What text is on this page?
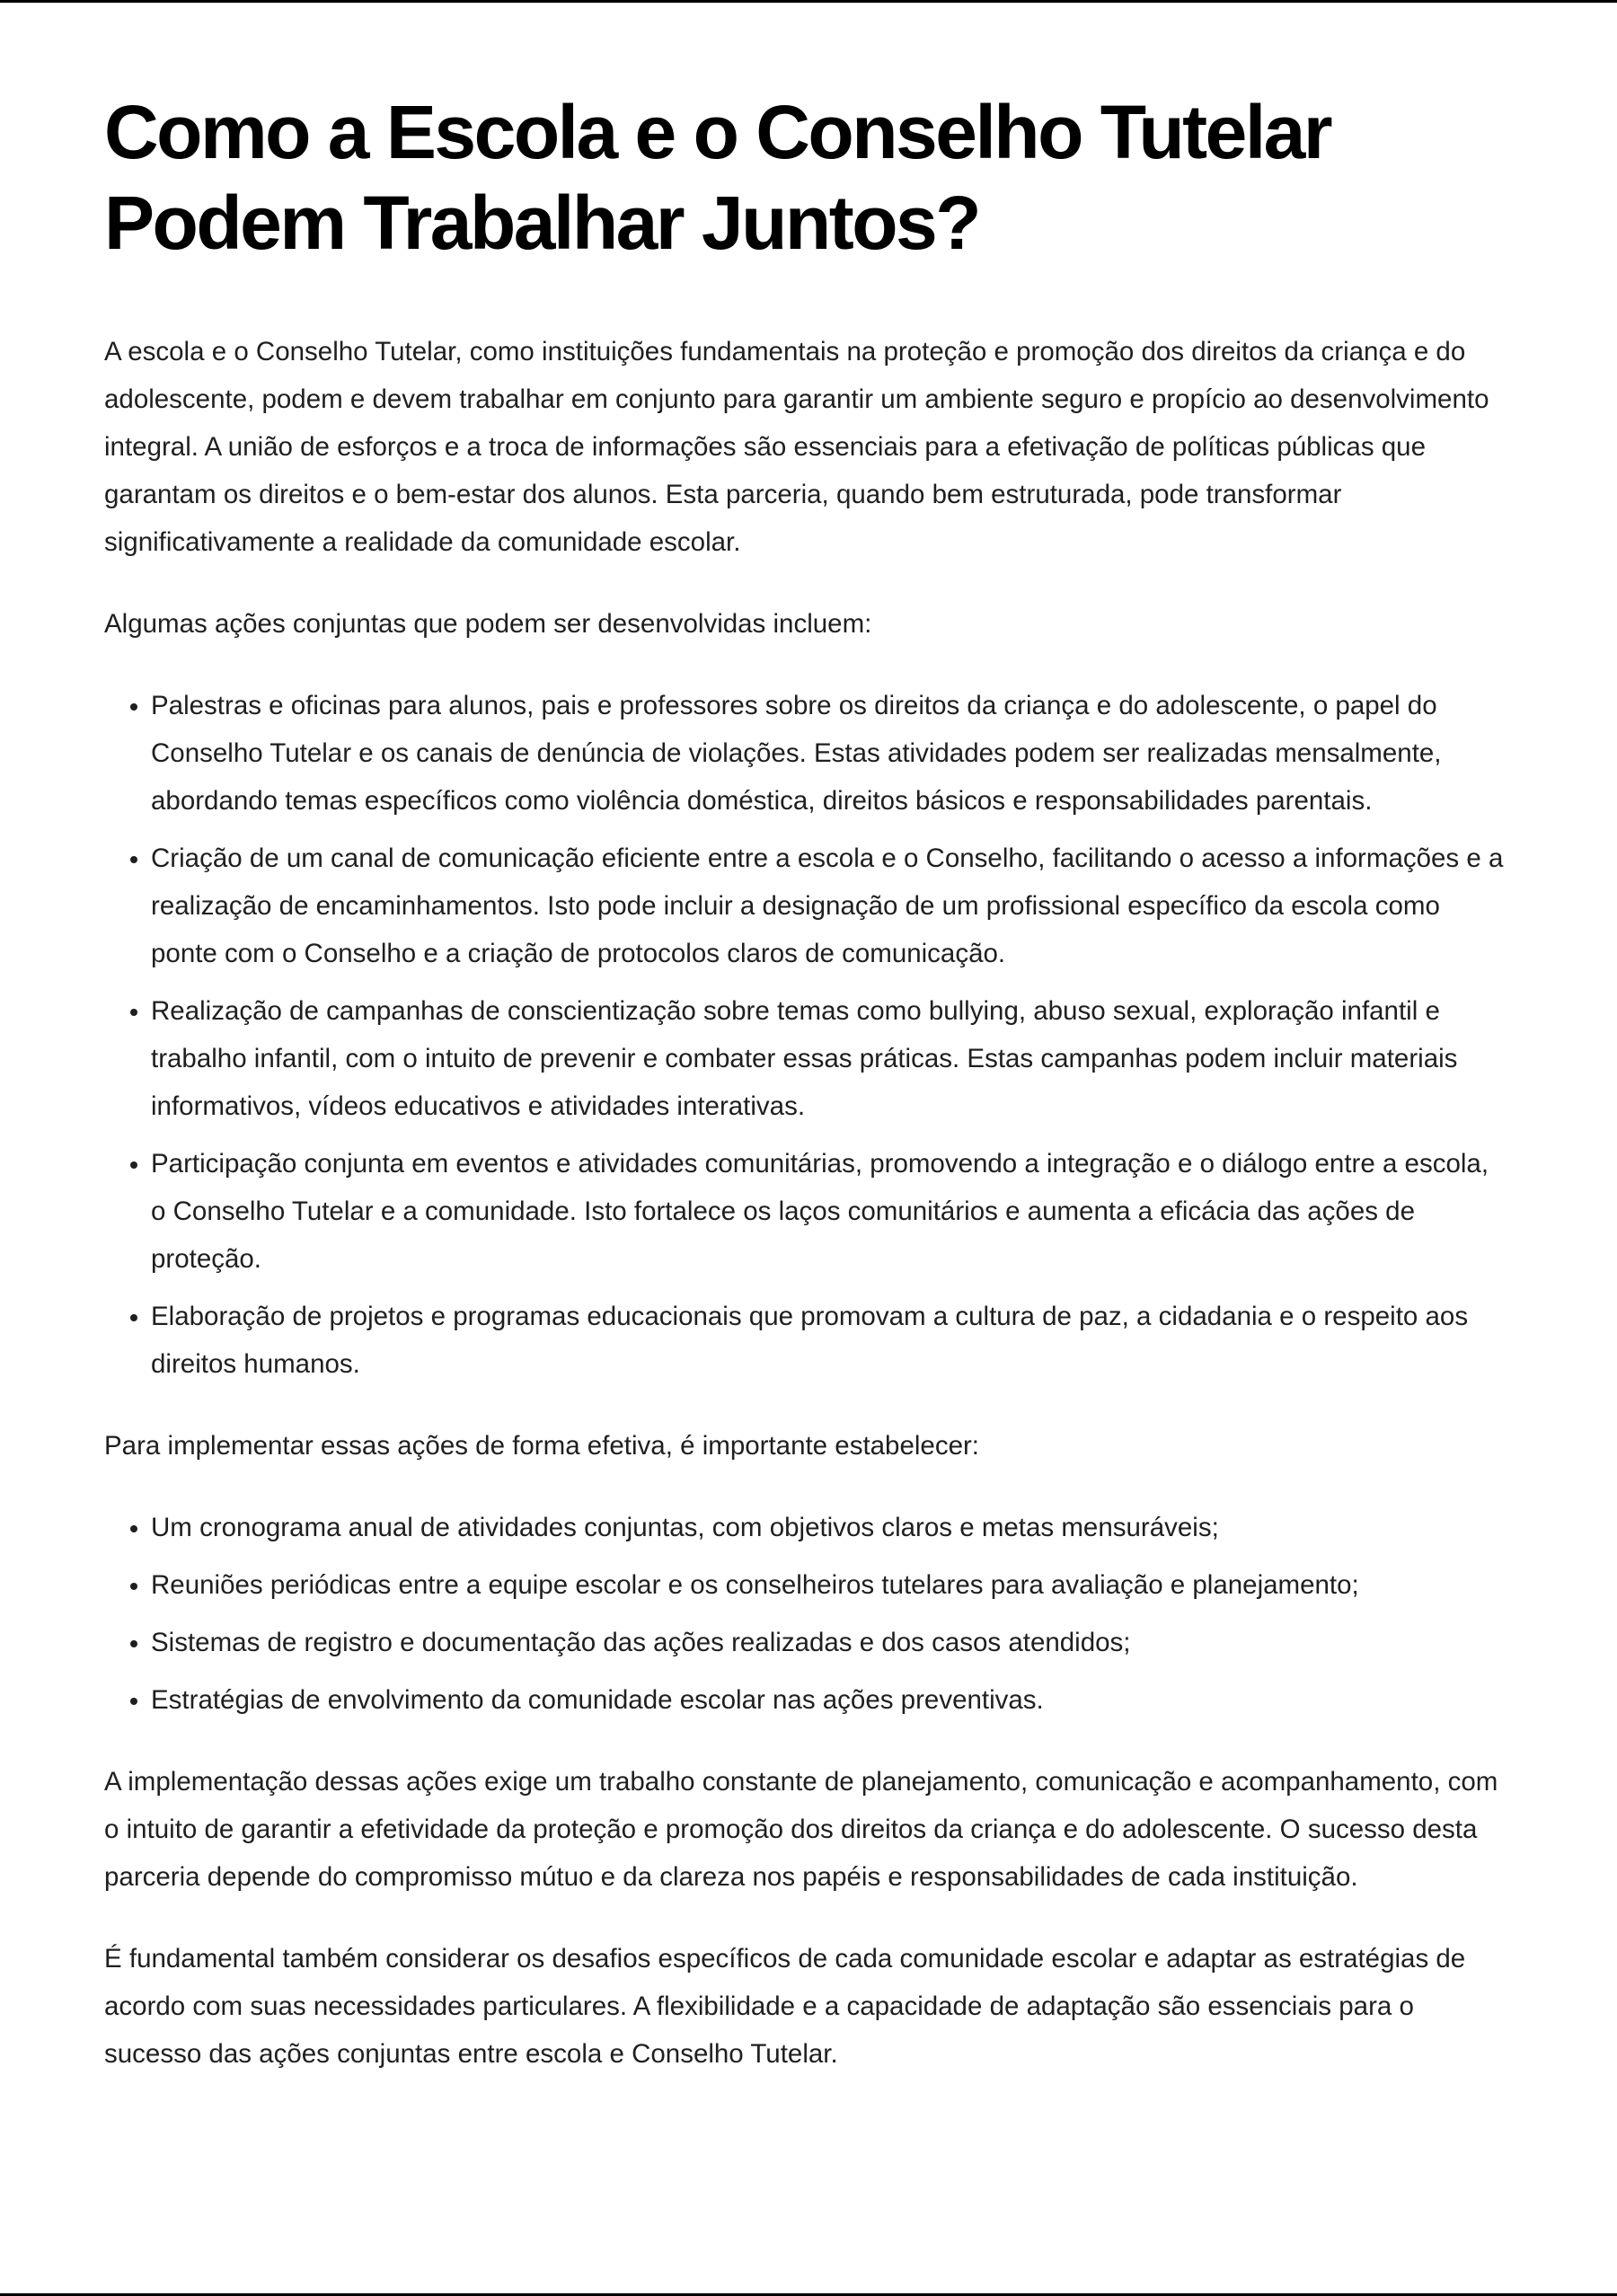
Como a Escola e o Conselho Tutelar Podem Trabalhar Juntos?

A escola e o Conselho Tutelar, como instituições fundamentais na proteção e promoção dos direitos da criança e do adolescente, podem e devem trabalhar em conjunto para garantir um ambiente seguro e propício ao desenvolvimento integral. A união de esforços e a troca de informações são essenciais para a efetivação de políticas públicas que garantam os direitos e o bem-estar dos alunos. Esta parceria, quando bem estruturada, pode transformar significativamente a realidade da comunidade escolar.

Algumas ações conjuntas que podem ser desenvolvidas incluem:

• Palestras e oficinas para alunos, pais e professores sobre os direitos da criança e do adolescente, o papel do Conselho Tutelar e os canais de denúncia de violações. Estas atividades podem ser realizadas mensalmente, abordando temas específicos como violência doméstica, direitos básicos e responsabilidades parentais.
• Criação de um canal de comunicação eficiente entre a escola e o Conselho, facilitando o acesso a informações e a realização de encaminhamentos. Isto pode incluir a designação de um profissional específico da escola como ponte com o Conselho e a criação de protocolos claros de comunicação.
• Realização de campanhas de conscientização sobre temas como bullying, abuso sexual, exploração infantil e trabalho infantil, com o intuito de prevenir e combater essas práticas. Estas campanhas podem incluir materiais informativos, vídeos educativos e atividades interativas.
• Participação conjunta em eventos e atividades comunitárias, promovendo a integração e o diálogo entre a escola, o Conselho Tutelar e a comunidade. Isto fortalece os laços comunitários e aumenta a eficácia das ações de proteção.
• Elaboração de projetos e programas educacionais que promovam a cultura de paz, a cidadania e o respeito aos direitos humanos.

Para implementar essas ações de forma efetiva, é importante estabelecer:

• Um cronograma anual de atividades conjuntas, com objetivos claros e metas mensuráveis;
• Reuniões periódicas entre a equipe escolar e os conselheiros tutelares para avaliação e planejamento;
• Sistemas de registro e documentação das ações realizadas e dos casos atendidos;
• Estratégias de envolvimento da comunidade escolar nas ações preventivas.

A implementação dessas ações exige um trabalho constante de planejamento, comunicação e acompanhamento, com o intuito de garantir a efetividade da proteção e promoção dos direitos da criança e do adolescente. O sucesso desta parceria depende do compromisso mútuo e da clareza nos papéis e responsabilidades de cada instituição.

É fundamental também considerar os desafios específicos de cada comunidade escolar e adaptar as estratégias de acordo com suas necessidades particulares. A flexibilidade e a capacidade de adaptação são essenciais para o sucesso das ações conjuntas entre escola e Conselho Tutelar.
